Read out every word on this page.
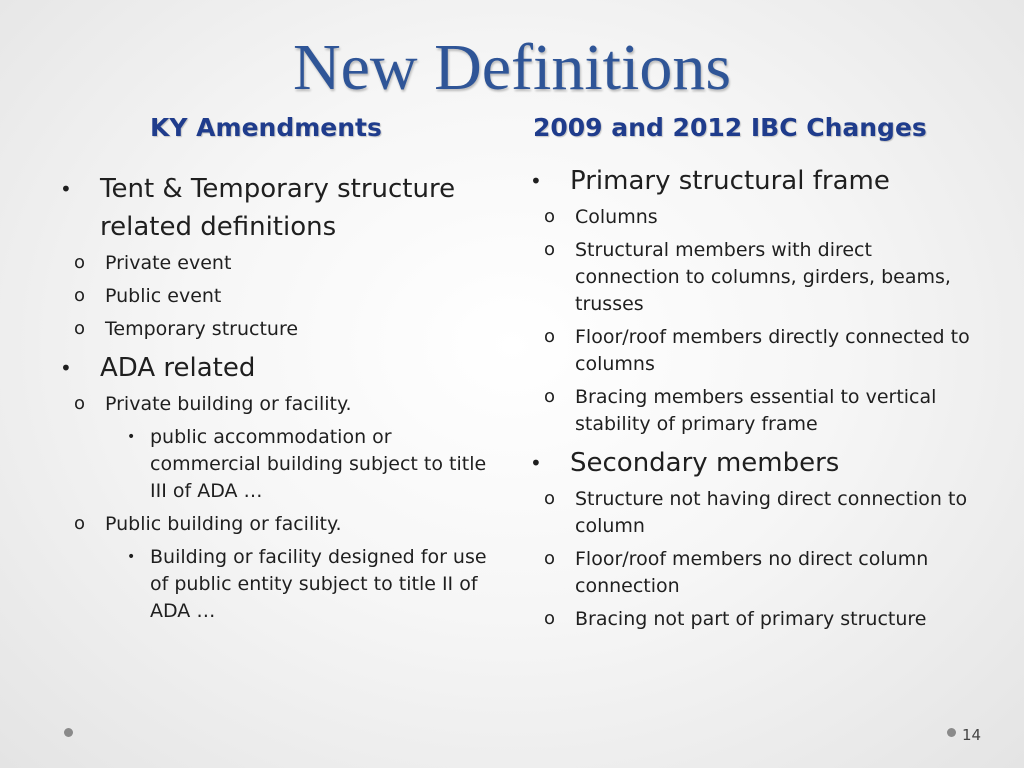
New Definitions
KY Amendments	2009 and 2012 IBC Changes
• Tent & Temporary structure related definitions
o Private event
o Public event
o Temporary structure
• ADA related
o Private building or facility.
• public accommodation or commercial building subject to title III of ADA …
o Public building or facility.
• Building or facility designed for use of public entity subject to title II of ADA …
• Primary structural frame
o Columns
o Structural members with direct connection to columns, girders, beams, trusses
o Floor/roof members directly connected to columns
o Bracing members essential to vertical stability of primary frame
• Secondary members
o Structure not having direct connection to column
o Floor/roof members no direct column connection
o Bracing not part of primary structure
14
